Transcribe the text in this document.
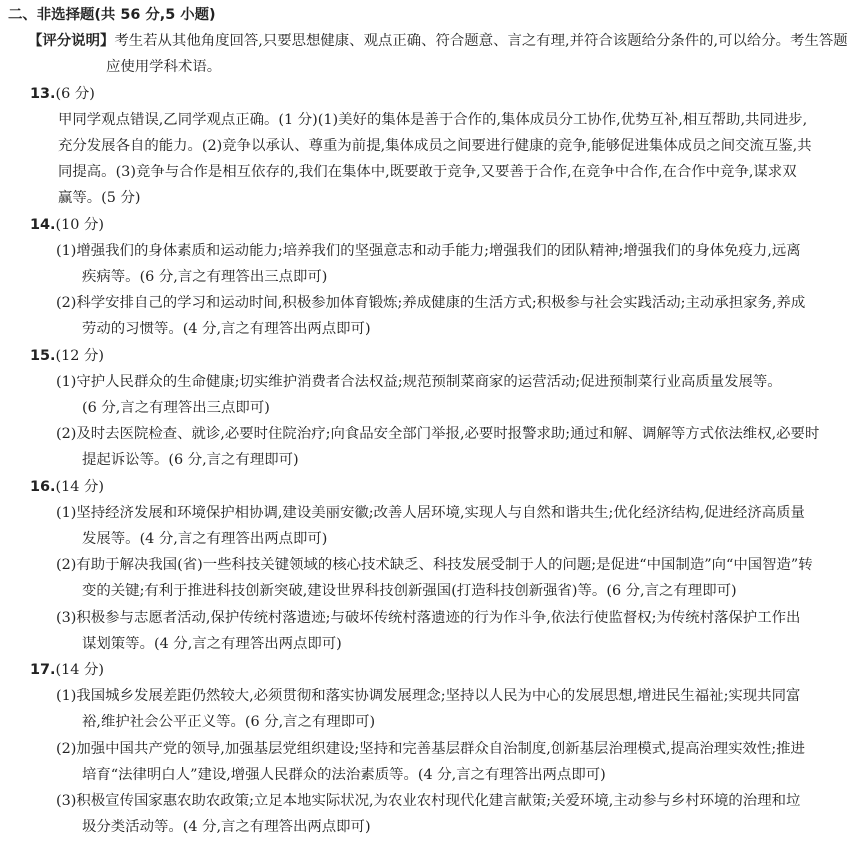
二、非选择题(共 56 分,5 小题)
【评分说明】考生若从其他角度回答,只要思想健康、观点正确、符合题意、言之有理,并符合该题给分条件的,可以给分。考生答题
应使用学科术语。
13.(6 分)
甲同学观点错误,乙同学观点正确。(1 分)(1)美好的集体是善于合作的,集体成员分工协作,优势互补,相互帮助,共同进步,
充分发展各自的能力。(2)竞争以承认、尊重为前提,集体成员之间要进行健康的竞争,能够促进集体成员之间交流互鉴,共
同提高。(3)竞争与合作是相互依存的,我们在集体中,既要敢于竞争,又要善于合作,在竞争中合作,在合作中竞争,谋求双
赢等。(5 分)
14.(10 分)
(1)增强我们的身体素质和运动能力;培养我们的坚强意志和动手能力;增强我们的团队精神;增强我们的身体免疫力,远离
疾病等。(6 分,言之有理答出三点即可)
(2)科学安排自己的学习和运动时间,积极参加体育锻炼;养成健康的生活方式;积极参与社会实践活动;主动承担家务,养成
劳动的习惯等。(4 分,言之有理答出两点即可)
15.(12 分)
(1)守护人民群众的生命健康;切实维护消费者合法权益;规范预制菜商家的运营活动;促进预制菜行业高质量发展等。
(6 分,言之有理答出三点即可)
(2)及时去医院检查、就诊,必要时住院治疗;向食品安全部门举报,必要时报警求助;通过和解、调解等方式依法维权,必要时
提起诉讼等。(6 分,言之有理即可)
16.(14 分)
(1)坚持经济发展和环境保护相协调,建设美丽安徽;改善人居环境,实现人与自然和谐共生;优化经济结构,促进经济高质量
发展等。(4 分,言之有理答出两点即可)
(2)有助于解决我国(省)一些科技关键领域的核心技术缺乏、科技发展受制于人的问题;是促进“中国制造”向“中国智造”转
变的关键;有利于推进科技创新突破,建设世界科技创新强国(打造科技创新强省)等。(6 分,言之有理即可)
(3)积极参与志愿者活动,保护传统村落遗迹;与破坏传统村落遗迹的行为作斗争,依法行使监督权;为传统村落保护工作出
谋划策等。(4 分,言之有理答出两点即可)
17.(14 分)
(1)我国城乡发展差距仍然较大,必须贯彻和落实协调发展理念;坚持以人民为中心的发展思想,增进民生福祉;实现共同富
裕,维护社会公平正义等。(6 分,言之有理即可)
(2)加强中国共产党的领导,加强基层党组织建设;坚持和完善基层群众自治制度,创新基层治理模式,提高治理实效性;推进
培育“法律明白人”建设,增强人民群众的法治素质等。(4 分,言之有理答出两点即可)
(3)积极宣传国家惠农助农政策;立足本地实际状况,为农业农村现代化建言献策;关爱环境,主动参与乡村环境的治理和垃
圾分类活动等。(4 分,言之有理答出两点即可)
